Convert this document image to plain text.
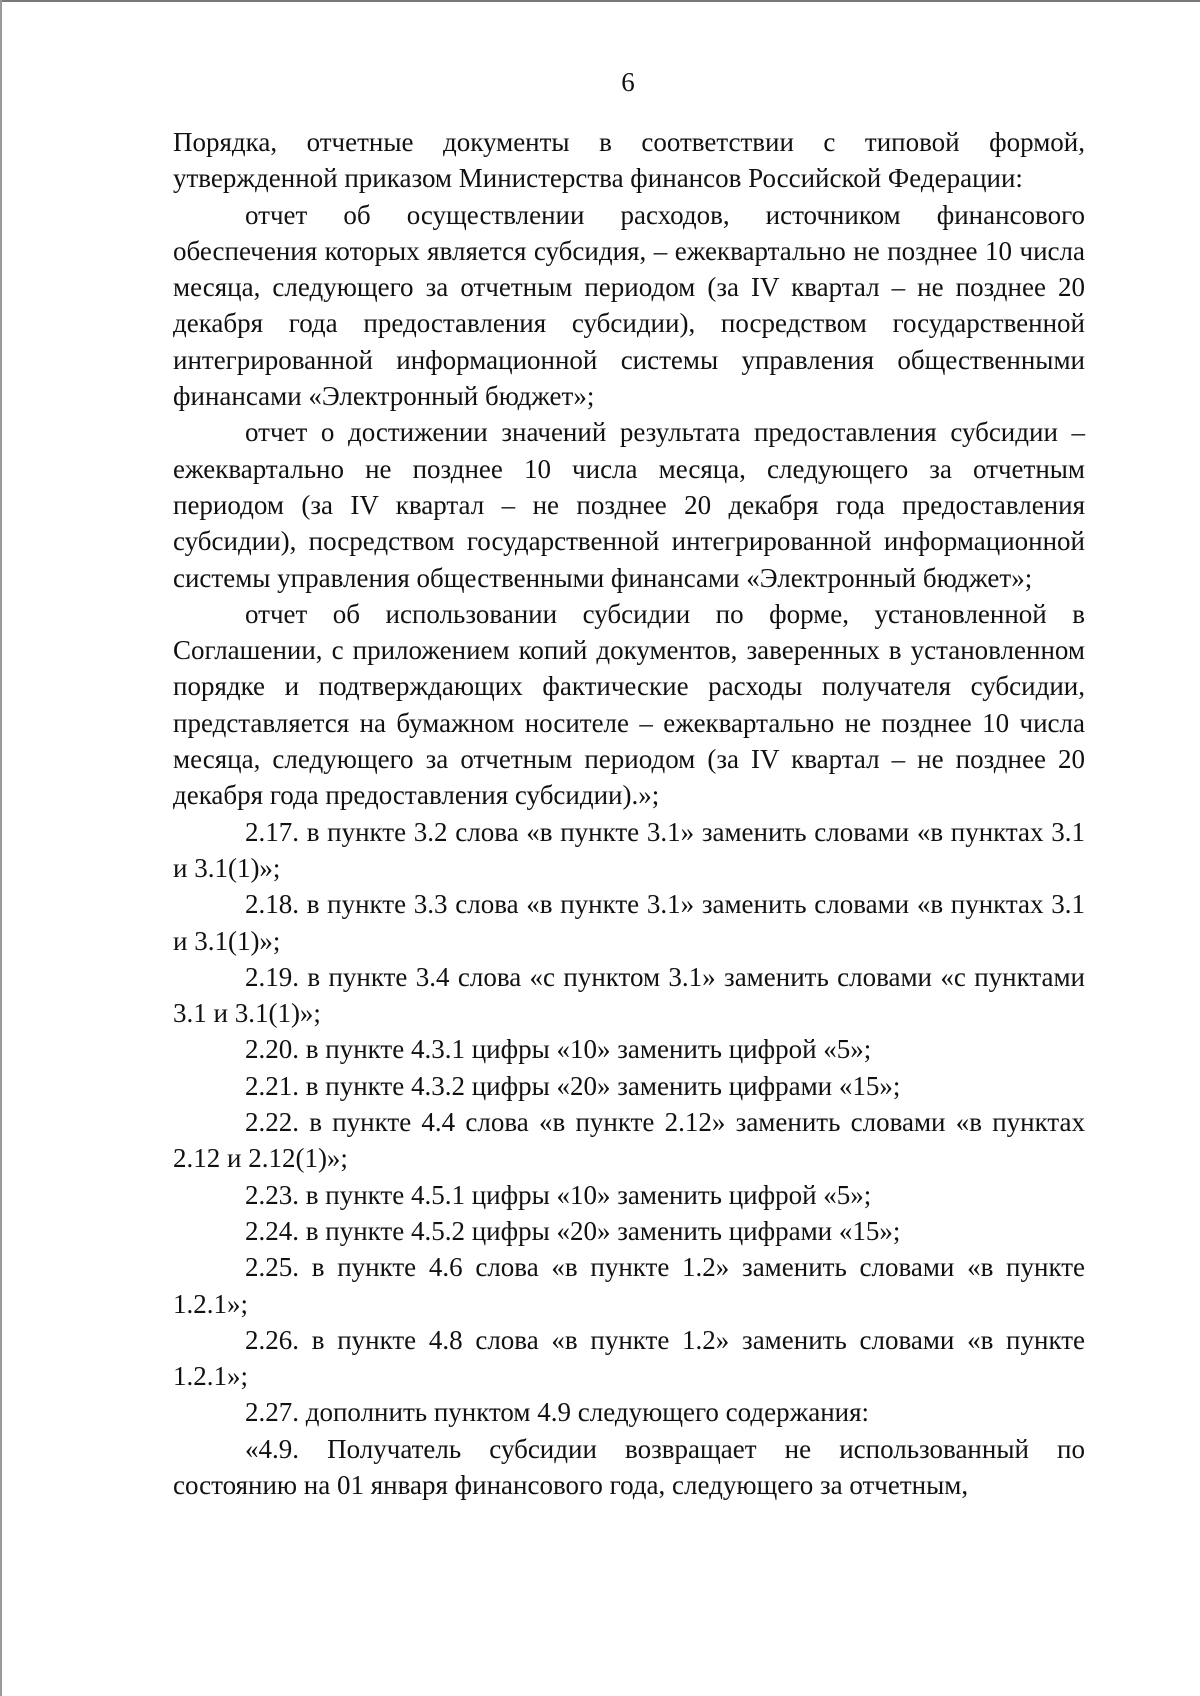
6

Порядка, отчетные документы в соответствии с типовой формой, утвержденной приказом Министерства финансов Российской Федерации:

отчет об осуществлении расходов, источником финансового обеспечения которых является субсидия, – ежеквартально не позднее 10 числа месяца, следующего за отчетным периодом (за IV квартал – не позднее 20 декабря года предоставления субсидии), посредством государственной интегрированной информационной системы управления общественными финансами «Электронный бюджет»;

отчет о достижении значений результата предоставления субсидии – ежеквартально не позднее 10 числа месяца, следующего за отчетным периодом (за IV квартал – не позднее 20 декабря года предоставления субсидии), посредством государственной интегрированной информационной системы управления общественными финансами «Электронный бюджет»;

отчет об использовании субсидии по форме, установленной в Соглашении, с приложением копий документов, заверенных в установленном порядке и подтверждающих фактические расходы получателя субсидии, представляется на бумажном носителе – ежеквартально не позднее 10 числа месяца, следующего за отчетным периодом (за IV квартал – не позднее 20 декабря года предоставления субсидии).»;

2.17. в пункте 3.2 слова «в пункте 3.1» заменить словами «в пунктах 3.1 и 3.1(1)»;

2.18. в пункте 3.3 слова «в пункте 3.1» заменить словами «в пунктах 3.1 и 3.1(1)»;

2.19. в пункте 3.4 слова «с пунктом 3.1» заменить словами «с пунктами 3.1 и 3.1(1)»;

2.20. в пункте 4.3.1 цифры «10» заменить цифрой «5»;

2.21. в пункте 4.3.2 цифры «20» заменить цифрами «15»;

2.22. в пункте 4.4 слова «в пункте 2.12» заменить словами «в пунктах 2.12 и 2.12(1)»;

2.23. в пункте 4.5.1 цифры «10» заменить цифрой «5»;

2.24. в пункте 4.5.2 цифры «20» заменить цифрами «15»;

2.25. в пункте 4.6 слова «в пункте 1.2» заменить словами «в пункте 1.2.1»;

2.26. в пункте 4.8 слова «в пункте 1.2» заменить словами «в пункте 1.2.1»;

2.27. дополнить пунктом 4.9 следующего содержания:

«4.9. Получатель субсидии возвращает не использованный по состоянию на 01 января финансового года, следующего за отчетным,
